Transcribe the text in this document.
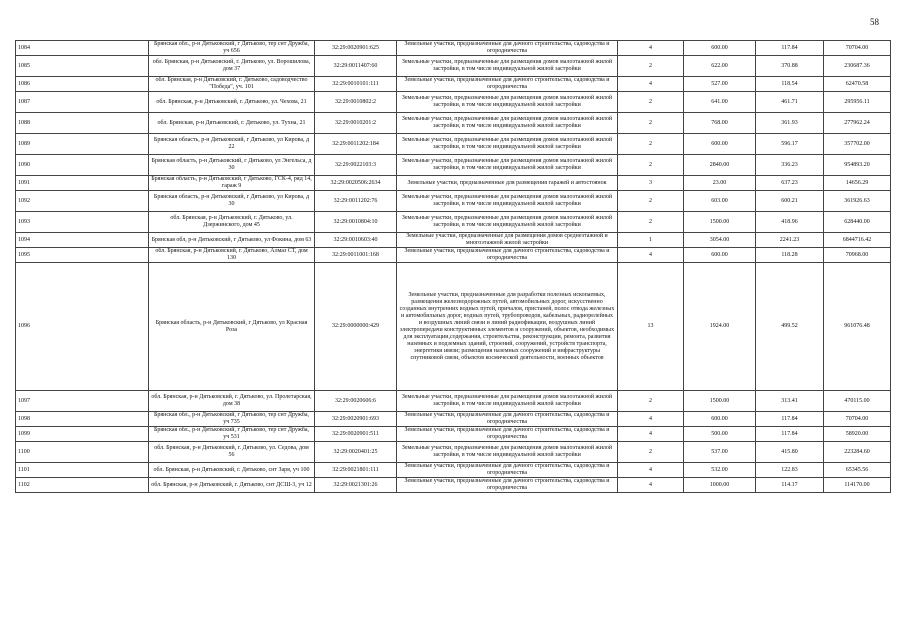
58
1084	Брянская обл., р-н Дятьковский, г Дятьково, тер снт Дружба, уч 656	32:29:0020901:625	Земельные участки, предназначенные для дачного строительства, садоводства и огородничества	4	600.00	117.84	70704.00
1085	обл. Брянская, р-н Дятьковский, г. Дятьково, ул. Ворошилова, дом 37	32:29:0011407:60	Земельные участки, предназначенные для размещения домов малоэтажной жилой застройки, в том числе индивидуальной жилой застройки	2	622.00	370.88	230687.36
1086	обл. Брянская, р-н Дятьковский, г. Дятьково, садоводчество "Победа", уч. 101	32:29:0010101:111	Земельные участки, предназначенные для дачного строительства, садоводства и огородничества	4	527.00	118.54	62470.58
1087	обл. Брянская, р-н Дятьковский, г. Дятьково, ул. Чехова, 21	32:29:0010802:2	Земельные участки, предназначенные для размещения домов малоэтажной жилой застройки, в том числе индивидуальной жилой застройки	2	641.00	461.71	295956.11
1088	обл. Брянская, р-н Дятьковский, г. Дятьково, ул. Тухна, 21	32:29:0010201:2	Земельные участки, предназначенные для размещения домов малоэтажной жилой застройки, в том числе индивидуальной жилой застройки	2	768.00	361.93	277962.24
1089	Брянская область, р-н Дятьковский, г Дятьково, ул Кирова, д 22	32:29:0011202:184	Земельные участки, предназначенные для размещения домов малоэтажной жилой застройки, в том числе индивидуальной жилой застройки	2	600.00	596.17	357702.00
1090	Брянская область, р-н Дятьковский, г Дятьково, ул Энгельса, д 30	32:29:0022103:3	Земельные участки, предназначенные для размещения домов малоэтажной жилой застройки, в том числе индивидуальной жилой застройки	2	2840.00	336.23	954893.20
1091	Брянская область, р-н Дятьковский, г Дятьково, ГСК-4, ряд 14, гараж 9	32:29:0020506:2634	Земельные участки, предназначенные для размещения гаражей и автостоянок	3	23.00	637.23	14656.29
1092	Брянская область, р-н Дятьковский, г Дятьково, ул Кирова, д 30	32:29:0011202:76	Земельные участки, предназначенные для размещения домов малоэтажной жилой застройки, в том числе индивидуальной жилой застройки	2	603.00	600.21	361926.63
1093	обл. Брянская, р-н Дятьковский, г. Дятьково, ул. Дзержинского, дом 45	32:29:0010804:10	Земельные участки, предназначенные для размещения домов малоэтажной жилой застройки, в том числе индивидуальной жилой застройки	2	1500.00	418.96	628440.00
1094	Брянская обл, р-н Дятьковский, г Дятьково, ул Фокина, дом 63	32:29:0010603:40	Земельные участки, предназначенные для размещения домов среднеэтажной и многоэтажной жилой застройки	1	3054.00	2241.23	6844716.42
1095	обл. Брянская, р-н Дятьковский, г. Дятьково, Алмаз СТ, дом 130	32:29:0011001:168	Земельные участки, предназначенные для дачного строительства, садоводства и огородничества	4	600.00	118.28	70968.00
1096	Брянская область, р-н Дятьковский, г Дятьково, ул Красная Роза	32:29:0000000:429	Земельные участки, предназначенные для разработки полезных ископаемых, размещения железнодорожных путей, автомобильных дорог, искусственно созданных внутренних водных путей, причалов, пристаней, полос отвода железных и автомобильных дорог, водных путей, трубопроводов, кабельных, радиорелейных и воздушных линий связи и линий радиофикации, воздушных линий электропередачи конструктивных элементов и сооружений, объектов, необходимых для эксплуатации,содержания, строительства, реконструкции, ремонта, развития наземных и подземных зданий, строений, сооружений, устройств транспорта, энергетики ивязи; размещения наземных сооружений и инфраструктуры спутниковой связи, объектов космической деятельности, военных объектов	13	1924.00	499.52	961076.48
1097	обл. Брянская, р-н Дятьковский, г. Дятьково, ул. Пролетарская, дом 38	32:29:0020606:6	Земельные участки, предназначенные для размещения домов малоэтажной жилой застройки, в том числе индивидуальной жилой застройки	2	1500.00	313.41	470115.00
1098	Брянская обл., р-н Дятьковский, г Дятьково, тер снт Дружба, уч 735	32:29:0020901:693	Земельные участки, предназначенные для дачного строительства, садоводства и огородничества	4	600.00	117.84	70704.00
1099	Брянская обл., р-н Дятьковский, г Дятьково, тер снт Дружба, уч 531	32:29:0020901:511	Земельные участки, предназначенные для дачного строительства, садоводства и огородничества	4	500.00	117.84	58920.00
1100	обл. Брянская, р-н Дятьковский, г. Дятьково, ул. Седова, дом 56	32:29:0020401:25	Земельные участки, предназначенные для размещения домов малоэтажной жилой застройки, в том числе индивидуальной жилой застройки	2	537.00	415.80	223284.60
1101	обл. Брянская, р-н Дятьковский, г. Дятьково, снт Заря, уч 100	32:29:0021801:111	Земельные участки, предназначенные для дачного строительства, садоводства и огородничества	4	532.00	122.83	65345.56
1102	обл. Брянская, р-н Дятьковский, г. Дятьково, снт ДСШ-3, уч 12	32:29:0021301:26	Земельные участки, предназначенные для дачного строительства, садоводства и огородничества	4	1000.00	114.17	114170.00
